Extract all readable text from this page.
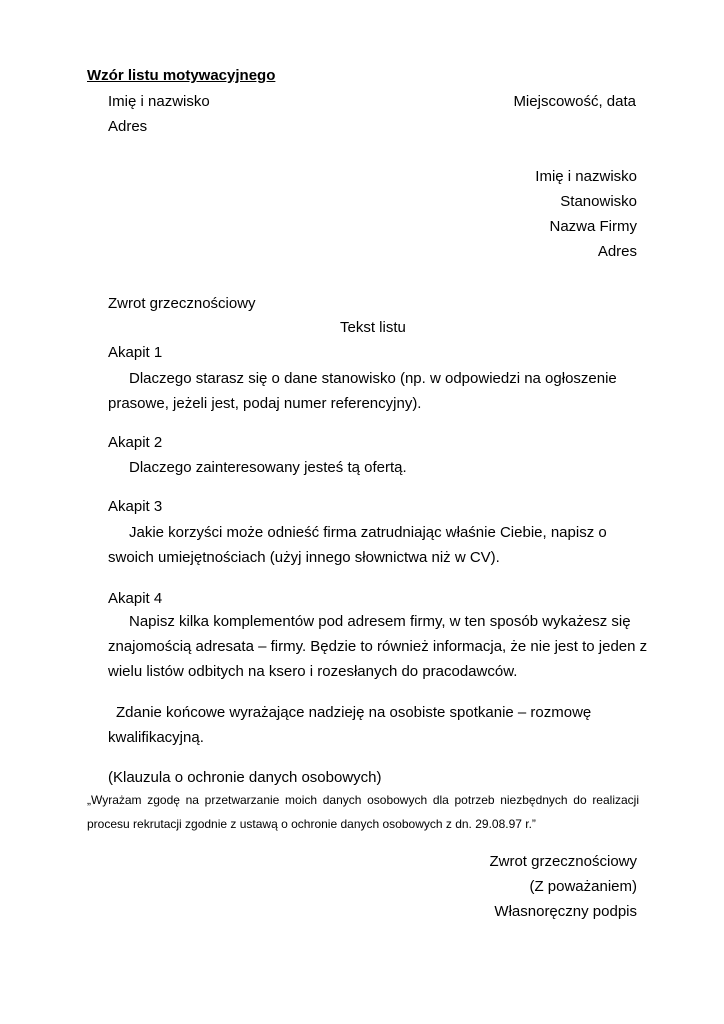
Wzór listu motywacyjnego

Imię i nazwisko	Miejscowość, data

Adres

Imię i nazwisko

Stanowisko

Nazwa Firmy

Adres

Zwrot grzecznościowy

Tekst listu

Akapit 1

Dlaczego starasz się o dane stanowisko (np. w odpowiedzi na ogłoszenie

prasowe, jeżeli jest, podaj numer referencyjny).

Akapit 2

Dlaczego zainteresowany jesteś tą ofertą.

Akapit 3

Jakie korzyści może odnieść firma zatrudniając właśnie Ciebie, napisz o

swoich umiejętnościach (użyj innego słownictwa niż w CV).

Akapit 4

Napisz kilka komplementów pod adresem firmy, w ten sposób wykażesz się

znajomością adresata – firmy. Będzie to również informacja, że nie jest to jeden z

wielu listów odbitych na ksero i rozesłanych do pracodawców.

Zdanie końcowe wyrażające nadzieję na osobiste spotkanie – rozmowę

kwalifikacyjną.

(Klauzula o ochronie danych osobowych)

„Wyrażam zgodę na przetwarzanie moich danych osobowych dla potrzeb niezbędnych do realizacji procesu rekrutacji zgodnie z ustawą o ochronie danych osobowych z dn. 29.08.97 r.”

Zwrot grzecznościowy

(Z poważaniem)

Własnoręczny podpis
